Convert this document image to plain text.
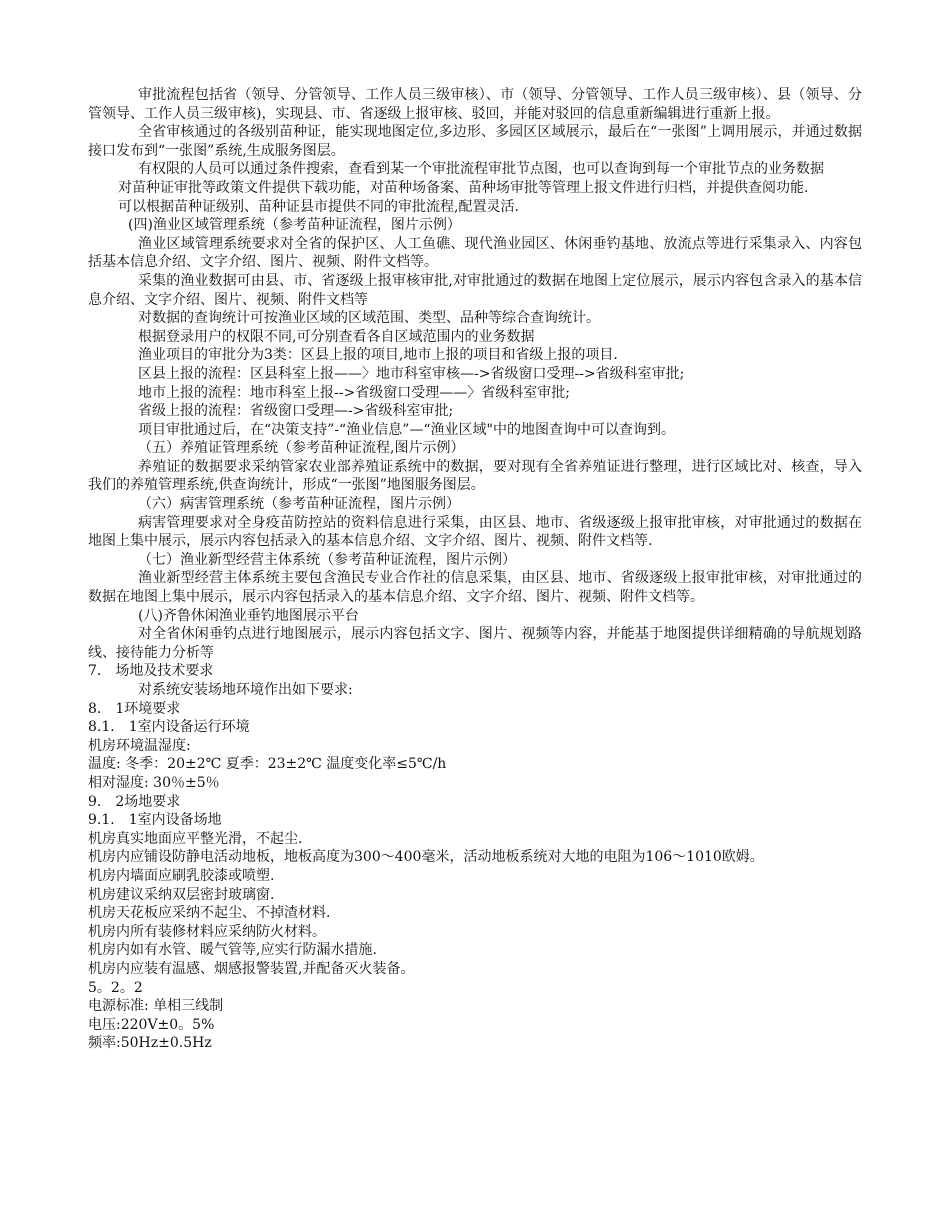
审批流程包括省（领导、分管领导、工作人员三级审核）、市（领导、分管领导、工作人员三级审核）、县（领导、分管领导、工作人员三级审核)，实现县、市、省逐级上报审核、驳回，并能对驳回的信息重新编辑进行重新上报。

全省审核通过的各级别苗种证，能实现地图定位,多边形、多园区区域展示，最后在“一张图”上调用展示，并通过数据接口发布到“一张图”系统,生成服务图层。

有权限的人员可以通过条件搜索，查看到某一个审批流程审批节点图，也可以查询到每一个审批节点的业务数据

对苗种证审批等政策文件提供下载功能，对苗种场备案、苗种场审批等管理上报文件进行归档，并提供查阅功能.

可以根据苗种证级别、苗种证县市提供不同的审批流程,配置灵活.

(四)渔业区域管理系统（参考苗种证流程，图片示例）

渔业区域管理系统要求对全省的保护区、人工鱼礁、现代渔业园区、休闲垂钓基地、放流点等进行采集录入、内容包括基本信息介绍、文字介绍、图片、视频、附件文档等。

采集的渔业数据可由县、市、省逐级上报审核审批,对审批通过的数据在地图上定位展示，展示内容包含录入的基本信息介绍、文字介绍、图片、视频、附件文档等

对数据的查询统计可按渔业区域的区域范围、类型、品种等综合查询统计。

根据登录用户的权限不同,可分别查看各自区域范围内的业务数据

渔业项目的审批分为3类：区县上报的项目,地市上报的项目和省级上报的项目.

区县上报的流程：区县科室上报——〉地市科室审核—->省级窗口受理-->省级科室审批;

地市上报的流程：地市科室上报-->省级窗口受理——〉省级科室审批;

省级上报的流程：省级窗口受理—->省级科室审批;

项目审批通过后，在“决策支持”-“渔业信息”—“渔业区域"中的地图查询中可以查询到。

（五）养殖证管理系统（参考苗种证流程,图片示例）

养殖证的数据要求采纳管家农业部养殖证系统中的数据，要对现有全省养殖证进行整理，进行区域比对、核查，导入我们的养殖管理系统,供查询统计，形成“一张图”地图服务图层。

（六）病害管理系统（参考苗种证流程，图片示例）

病害管理要求对全身疫苗防控站的资料信息进行采集，由区县、地市、省级逐级上报审批审核，对审批通过的数据在地图上集中展示，展示内容包括录入的基本信息介绍、文字介绍、图片、视频、附件文档等.

（七）渔业新型经营主体系统（参考苗种证流程，图片示例）

渔业新型经营主体系统主要包含渔民专业合作社的信息采集，由区县、地市、省级逐级上报审批审核，对审批通过的数据在地图上集中展示，展示内容包括录入的基本信息介绍、文字介绍、图片、视频、附件文档等。

(八)齐鲁休闲渔业垂钓地图展示平台

对全省休闲垂钓点进行地图展示，展示内容包括文字、图片、视频等内容，并能基于地图提供详细精确的导航规划路线、接待能力分析等

7． 场地及技术要求

对系统安装场地环境作出如下要求:

8． 1环境要求

8.1． 1室内设备运行环境

机房环境温湿度:

温度: 冬季：20±2℃ 夏季：23±2℃ 温度变化率≤5℃/h

相对湿度: 30％±5％

9． 2场地要求

9.1． 1室内设备场地

机房真实地面应平整光滑，不起尘.

机房内应铺设防静电活动地板，地板高度为300～400毫米，活动地板系统对大地的电阻为106～1010欧姆。

机房内墙面应刷乳胶漆或喷塑.

机房建议采纳双层密封玻璃窗.

机房天花板应采纳不起尘、不掉渣材料.

机房内所有装修材料应采纳防火材料。

机房内如有水管、暖气管等,应实行防漏水措施.

机房内应装有温感、烟感报警装置,并配备灭火装备。

5。2。2

电源标准: 单相三线制

电压:220V±0。5%

频率:50Hz±0.5Hz
